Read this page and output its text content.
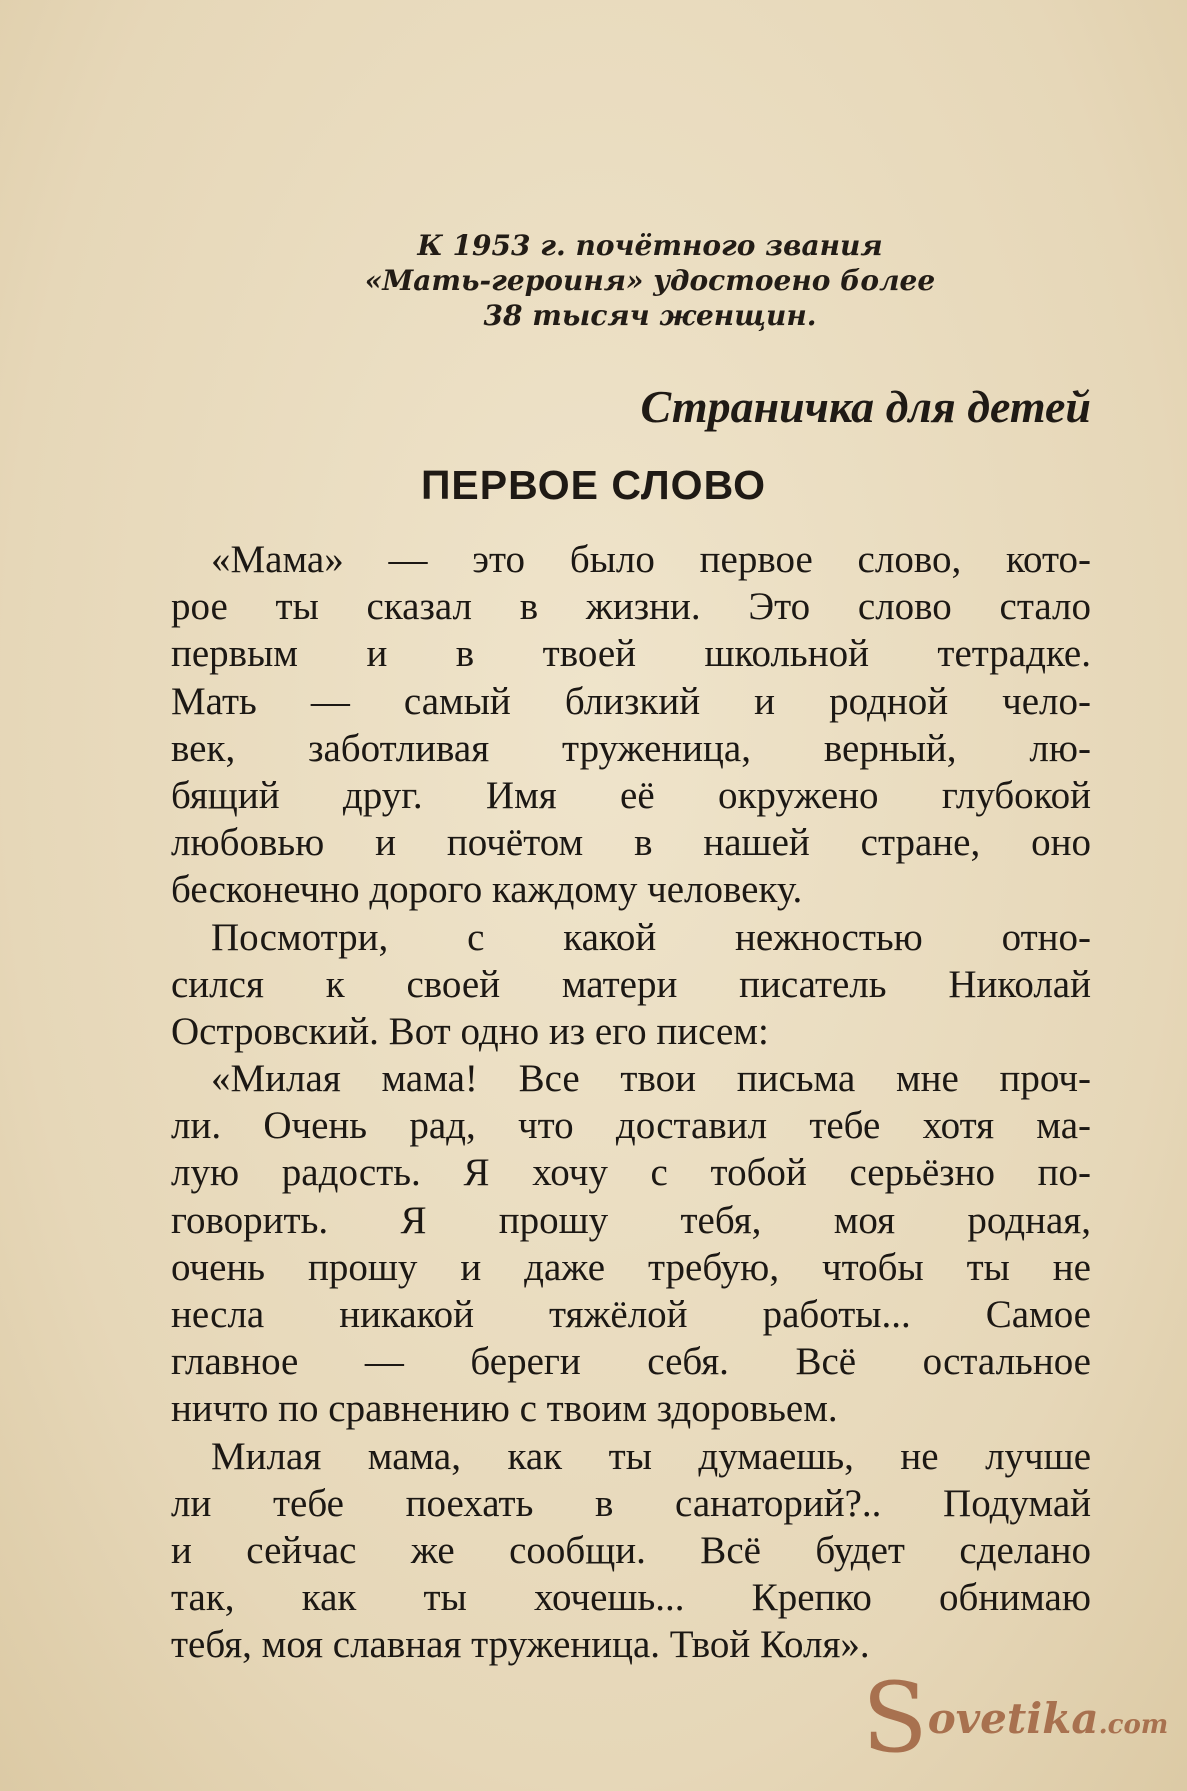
К 1953 г. почётного звания
«Мать-героиня» удостоено более
38 тысяч женщин.
Страничка для детей
ПЕРВОЕ СЛОВО
«Мама» — это было первое слово, кото-
рое ты сказал в жизни. Это слово стало
первым и в твоей школьной тетрадке.
Мать — самый близкий и родной чело-
век, заботливая труженица, верный, лю-
бящий друг. Имя её окружено глубокой
любовью и почётом в нашей стране, оно
бесконечно дорого каждому человеку.
Посмотри, с какой нежностью отно-
сился к своей матери писатель Николай
Островский. Вот одно из его писем:
«Милая мама! Все твои письма мне проч-
ли. Очень рад, что доставил тебе хотя ма-
лую радость. Я хочу с тобой серьёзно по-
говорить. Я прошу тебя, моя родная,
очень прошу и даже требую, чтобы ты не
несла никакой тяжёлой работы... Самое
главное — береги себя. Всё остальное
ничто по сравнению с твоим здоровьем.
Милая мама, как ты думаешь, не лучше
ли тебе поехать в санаторий?.. Подумай
и сейчас же сообщи. Всё будет сделано
так, как ты хочешь... Крепко обнимаю
тебя, моя славная труженица. Твой Коля».
Sovetika.com
